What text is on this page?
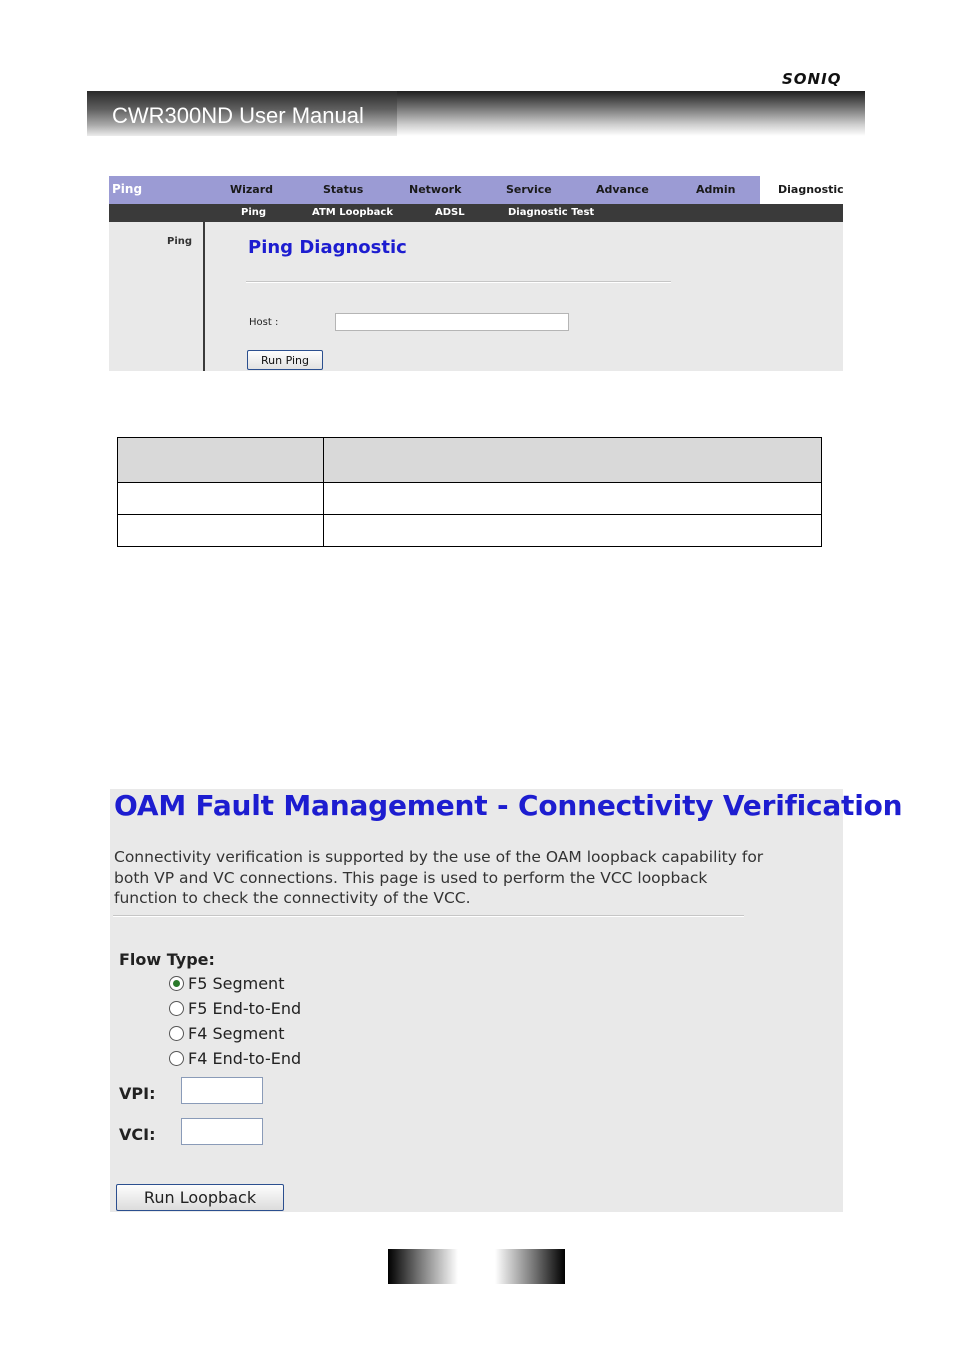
SONIQ
CWR300ND User Manual
Ping	Wizard	Status	Network	Service	Advance	Admin	Diagnostic
Ping	ATM Loopback	ADSL	Diagnostic Test
Ping	Ping Diagnostic
Host :
Run Ping

OAM Fault Management - Connectivity Verification
Connectivity verification is supported by the use of the OAM loopback capability for both VP and VC connections. This page is used to perform the VCC loopback function to check the connectivity of the VCC.
Flow Type:
F5 Segment
F5 End-to-End
F4 Segment
F4 End-to-End
VPI:
VCI:
Run Loopback
